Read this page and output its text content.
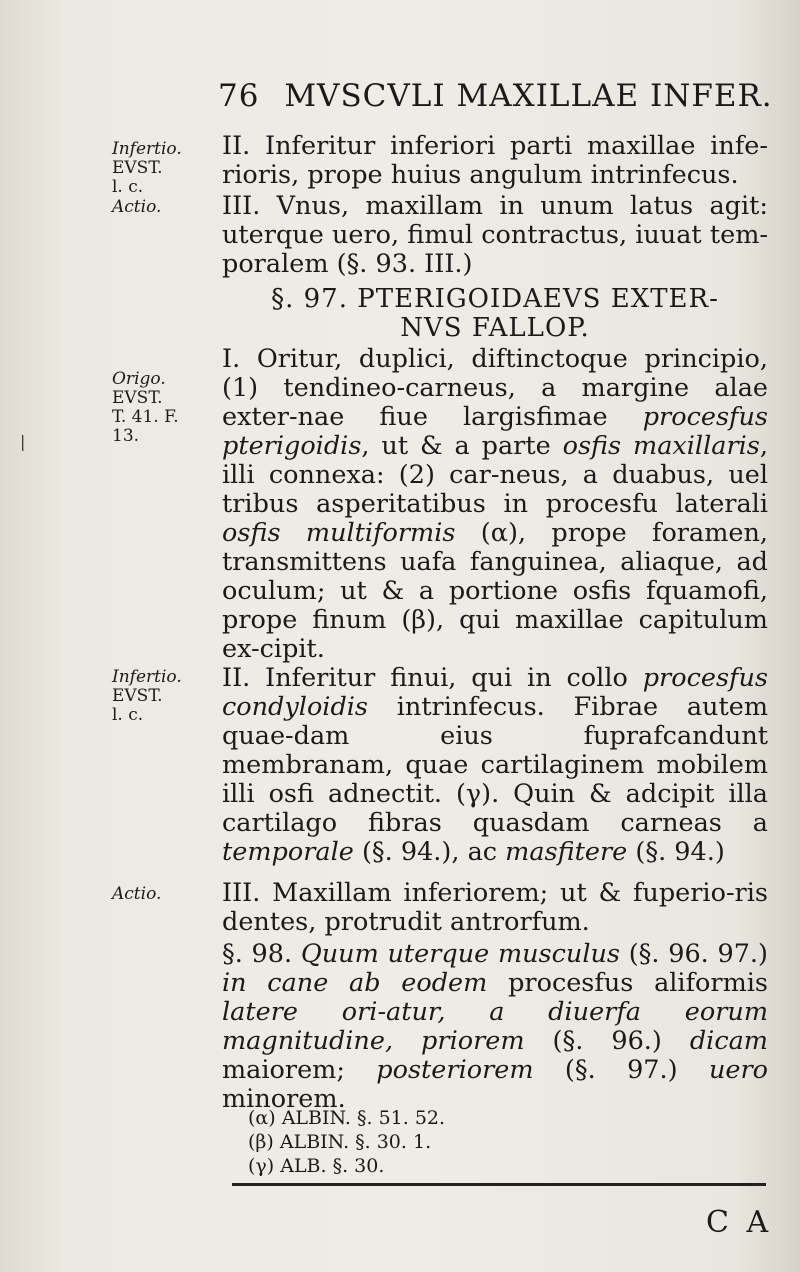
76 MVSCVLI MAXILLAE INFER.
Infertio.
EVST.
l. c.
Actio.
Origo.
EVST.
T. 41. F.
13.
Infertio.
EVST.
l. c.
Actio.
|

II. Inferitur inferiori parti maxillae infe-rioris, prope huius angulum intrinfecus.

III. Vnus, maxillam in unum latus agit: uterque uero, fimul contractus, iuuat tem-poralem (§. 93. III.)

§. 97. PTERIGOIDAEVS EXTER-
NVS FALLOP.

I. Oritur, duplici, diftinctoque principio, (1) tendineo-carneus, a margine alae exter-nae fiue largisfimae procesfus pterigoidis, ut & a parte osfis maxillaris, illi connexa: (2) car-neus, a duabus, uel tribus asperitatibus in procesfu laterali osfis multiformis (α), prope foramen, transmittens uafa fanguinea, aliaque, ad oculum; ut & a portione osfis fquamofi, prope finum (β), qui maxillae capitulum ex-cipit.

II. Inferitur finui, qui in collo procesfus condyloidis intrinfecus. Fibrae autem quae-dam eius fuprafcandunt membranam, quae cartilaginem mobilem illi osfi adnectit. (γ). Quin & adcipit illa cartilago fibras quasdam carneas a temporale (§. 94.), ac masfitere (§. 94.)

III. Maxillam inferiorem; ut & fuperio-ris dentes, protrudit antrorfum.

§. 98. Quum uterque musculus (§. 96. 97.) in cane ab eodem procesfus aliformis latere ori-atur, a diuerfa eorum magnitudine, priorem (§. 96.) dicam maiorem; posteriorem (§. 97.) uero minorem.

(α) ALBIN. §. 51. 52.
(β) ALBIN. §. 30. 1.
(γ) ALB. §. 30.
C A
